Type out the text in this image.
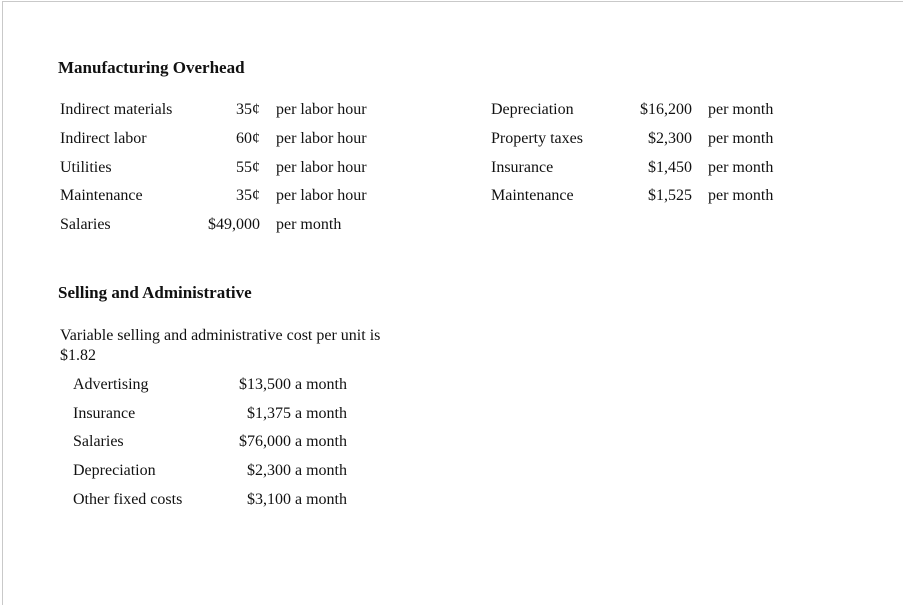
Manufacturing Overhead
Indirect materials	35¢ per labor hour
Indirect labor	60¢ per labor hour
Utilities	55¢ per labor hour
Maintenance	35¢ per labor hour
Salaries	$49,000 per month
Depreciation	$16,200 per month
Property taxes	$2,300 per month
Insurance	$1,450 per month
Maintenance	$1,525 per month
Selling and Administrative
Variable selling and administrative cost per unit is $1.82
Advertising	$13,500 a month
Insurance	$1,375 a month
Salaries	$76,000 a month
Depreciation	$2,300 a month
Other fixed costs	$3,100 a month
